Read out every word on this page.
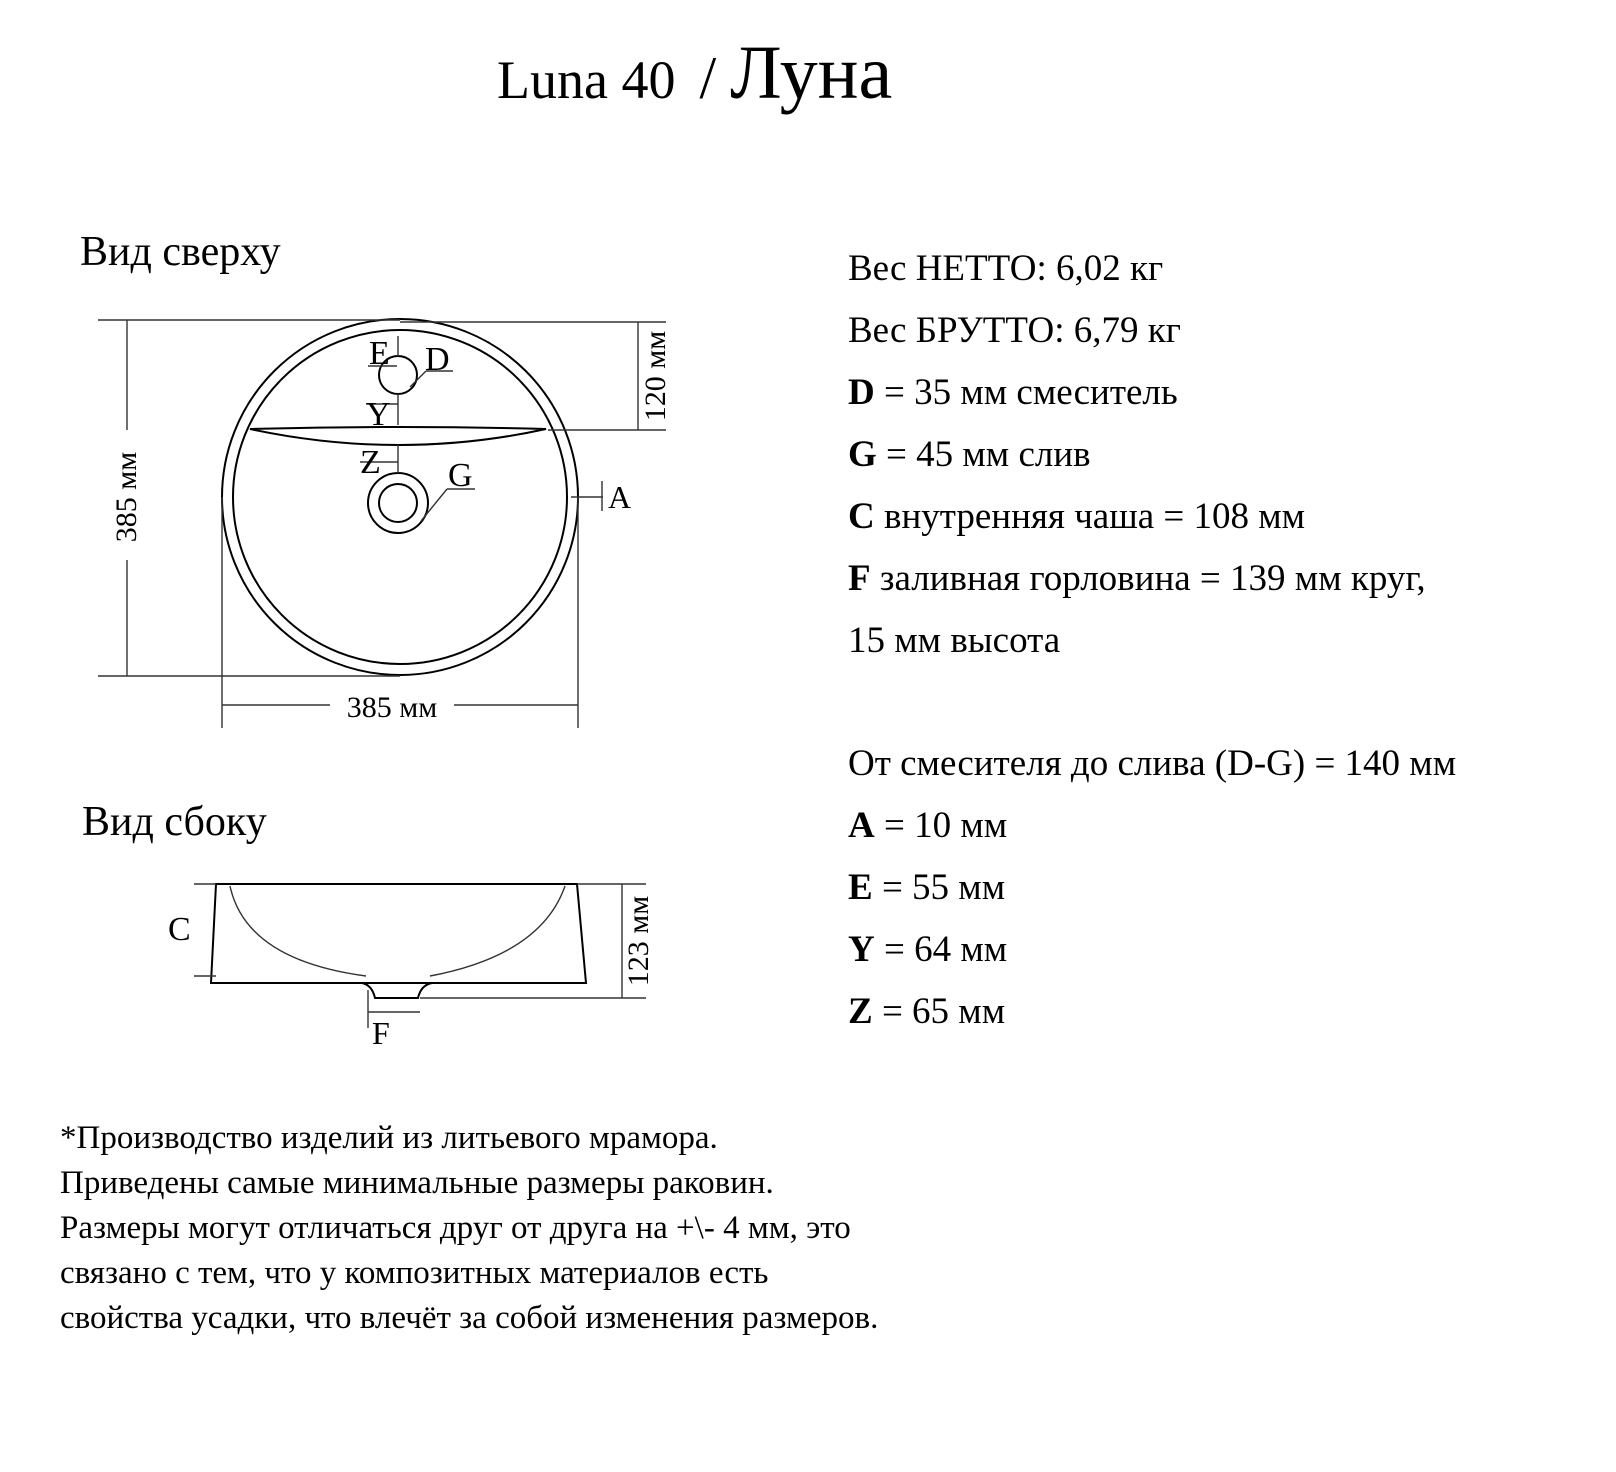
Luna 40 / Луна
Вид сверху
E D
Y
Z G
A
385 мм
385 мм
120 мм
Вид сбоку
C
F
123 мм
Вес НЕТТО: 6,02 кг
Вес БРУТТО: 6,79 кг
D = 35 мм смеситель
G = 45 мм слив
C внутренняя чаша = 108 мм
F заливная горловина = 139 мм круг,
15 мм высота
От смесителя до слива (D-G) = 140 мм
A = 10 мм
E = 55 мм
Y = 64 мм
Z = 65 мм
*Производство изделий из литьевого мрамора.
Приведены самые минимальные размеры раковин.
Размеры могут отличаться друг от друга на +\- 4 мм, это
связано с тем, что у композитных материалов есть
свойства усадки, что влечёт за собой изменения размеров.
